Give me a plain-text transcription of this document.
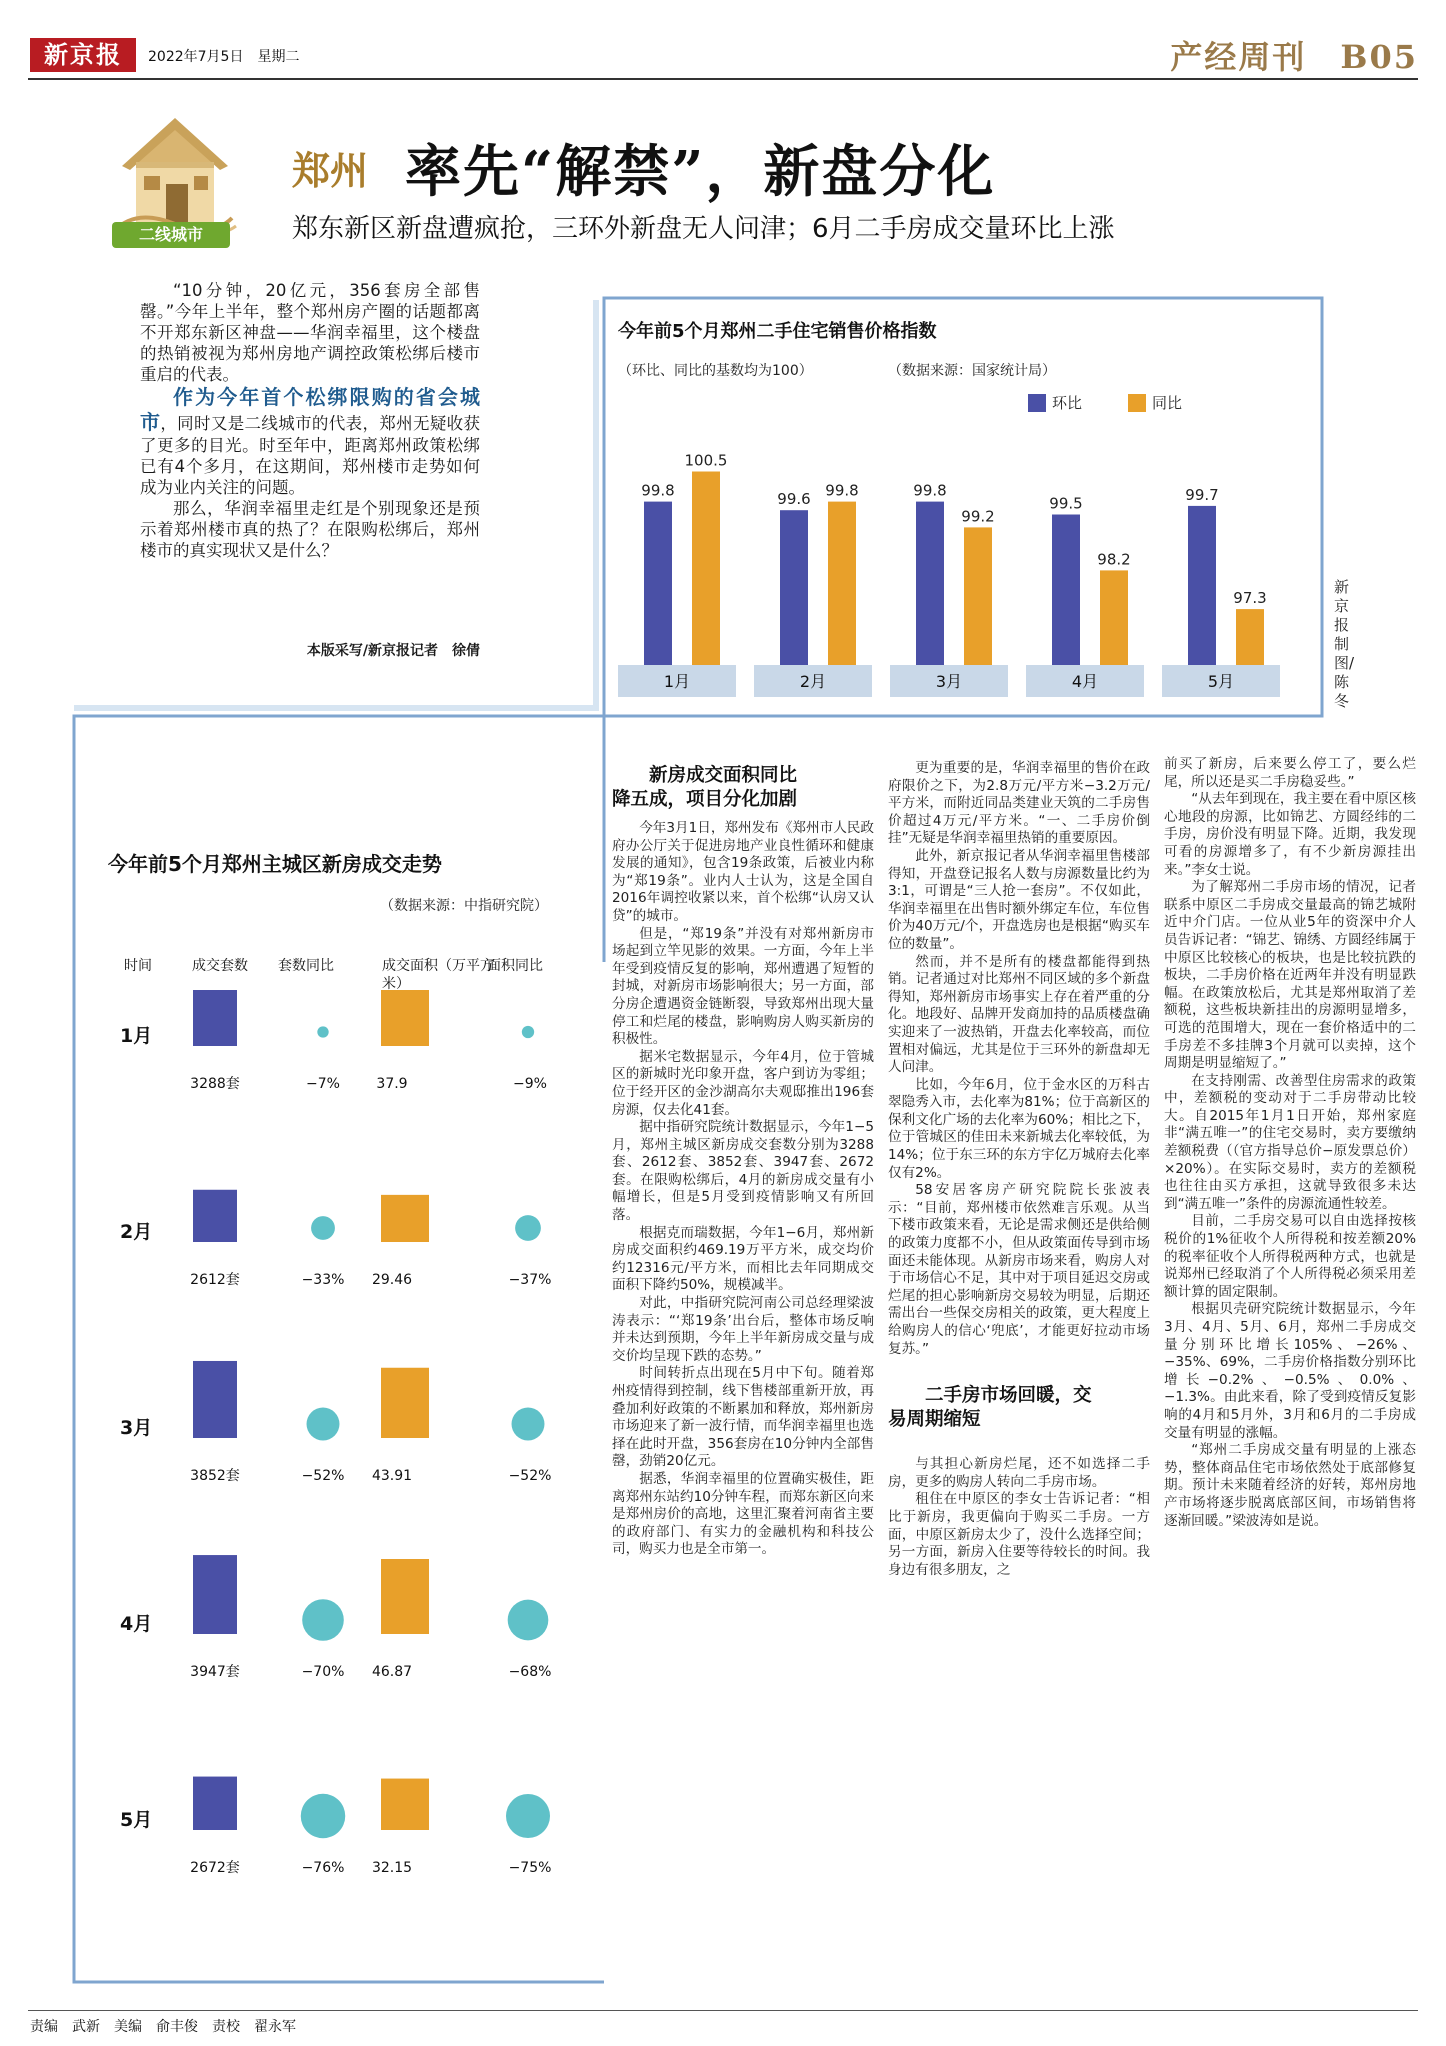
新京报	2022年7月5日　星期二	产经周刊　B05
二线城市
郑州 率先“解禁”，新盘分化
郑东新区新盘遭疯抢，三环外新盘无人问津；6月二手房成交量环比上涨

“10分钟，20亿元，356套房全部售罄。”今年上半年，整个郑州房产圈的话题都离不开郑东新区神盘——华润幸福里，这个楼盘的热销被视为郑州房地产调控政策松绑后楼市重启的代表。

作为今年首个松绑限购的省会城市，同时又是二线城市的代表，郑州无疑收获了更多的目光。时至年中，距离郑州政策松绑已有4个多月，在这期间，郑州楼市走势如何成为业内关注的问题。

那么，华润幸福里走红是个别现象还是预示着郑州楼市真的热了？在限购松绑后，郑州楼市的真实现状又是什么？

本版采写/新京报记者　徐倩
今年前5个月郑州二手住宅销售价格指数
（环比、同比的基数均为100）	（数据来源：国家统计局）
环比	同比
99.8
100.5
1月
99.6 99.8
2月
99.8
99.2
3月
99.5
98.2
4月
99.7
97.3
5月
新京报制图/陈冬
今年前5个月郑州主城区新房成交走势
（数据来源：中指研究院）
时间	成交套数 套数同比	成交面积（万平方米）
面积同比
1月
3288套	−7%	37.9	−9%
2月
2612套	−33% 29.46	−37%
3月
3852套	−52% 43.91	−52%
4月
3947套	−70% 46.87	−68%
5月
2672套	−76% 32.15	−75%
新房成交面积同比
降五成，项目分化加剧

今年3月1日，郑州发布《郑州市人民政府办公厅关于促进房地产业良性循环和健康发展的通知》，包含19条政策，后被业内称为“郑19条”。业内人士认为，这是全国自2016年调控收紧以来，首个松绑“认房又认贷”的城市。

但是，“郑19条”并没有对郑州新房市场起到立竿见影的效果。一方面，今年上半年受到疫情反复的影响，郑州遭遇了短暂的封城，对新房市场影响很大；另一方面，部分房企遭遇资金链断裂，导致郑州出现大量停工和烂尾的楼盘，影响购房人购买新房的积极性。

据米宅数据显示，今年4月，位于管城区的新城时光印象开盘，客户到访为零组；位于经开区的金沙湖高尔夫观邸推出196套房源，仅去化41套。

据中指研究院统计数据显示，今年1−5月，郑州主城区新房成交套数分别为3288套、2612套、3852套、3947套、2672套。在限购松绑后，4月的新房成交量有小幅增长，但是5月受到疫情影响又有所回落。

根据克而瑞数据，今年1−6月，郑州新房成交面积约469.19万平方米，成交均价约12316元/平方米，而相比去年同期成交面积下降约50%，规模减半。

对此，中指研究院河南公司总经理梁波涛表示：“‘郑19条’出台后，整体市场反响并未达到预期，今年上半年新房成交量与成交价均呈现下跌的态势。”

时间转折点出现在5月中下旬。随着郑州疫情得到控制，线下售楼部重新开放，再叠加利好政策的不断累加和释放，郑州新房市场迎来了新一波行情，而华润幸福里也选择在此时开盘，356套房在10分钟内全部售罄，劲销20亿元。

据悉，华润幸福里的位置确实极佳，距离郑州东站约10分钟车程，而郑东新区向来是郑州房价的高地，这里汇聚着河南省主要的政府部门、有实力的金融机构和科技公司，购买力也是全市第一。

更为重要的是，华润幸福里的售价在政府限价之下，为2.8万元/平方米−3.2万元/平方米，而附近同品类建业天筑的二手房售价超过4万元/平方米。“一、二手房价倒挂”无疑是华润幸福里热销的重要原因。

此外，新京报记者从华润幸福里售楼部得知，开盘登记报名人数与房源数量比约为3:1，可谓是“三人抢一套房”。不仅如此，华润幸福里在出售时额外绑定车位，车位售价为40万元/个，开盘选房也是根据“购买车位的数量”。

然而，并不是所有的楼盘都能得到热销。记者通过对比郑州不同区域的多个新盘得知，郑州新房市场事实上存在着严重的分化。地段好、品牌开发商加持的品质楼盘确实迎来了一波热销，开盘去化率较高，而位置相对偏远，尤其是位于三环外的新盘却无人问津。

比如，今年6月，位于金水区的万科古翠隐秀入市，去化率为81%；位于高新区的保利文化广场的去化率为60%；相比之下，位于管城区的佳田未来新城去化率较低，为14%；位于东三环的东方宇亿万城府去化率仅有2%。

58安居客房产研究院院长张波表示：“目前，郑州楼市依然难言乐观。从当下楼市政策来看，无论是需求侧还是供给侧的政策力度都不小，但从政策面传导到市场面还未能体现。从新房市场来看，购房人对于市场信心不足，其中对于项目延迟交房或烂尾的担心影响新房交易较为明显，后期还需出台一些保交房相关的政策，更大程度上给购房人的信心‘兜底’，才能更好拉动市场复苏。”

二手房市场回暖，交
易周期缩短

与其担心新房烂尾，还不如选择二手房，更多的购房人转向二手房市场。

租住在中原区的李女士告诉记者：“相比于新房，我更偏向于购买二手房。一方面，中原区新房太少了，没什么选择空间；另一方面，新房入住要等待较长的时间。我身边有很多朋友，之

前买了新房，后来要么停工了，要么烂尾，所以还是买二手房稳妥些。”

“从去年到现在，我主要在看中原区核心地段的房源，比如锦艺、方圆经纬的二手房，房价没有明显下降。近期，我发现可看的房源增多了，有不少新房源挂出来。”李女士说。

为了解郑州二手房市场的情况，记者联系中原区二手房成交量最高的锦艺城附近中介门店。一位从业5年的资深中介人员告诉记者：“锦艺、锦绣、方圆经纬属于中原区比较核心的板块，也是比较抗跌的板块，二手房价格在近两年并没有明显跌幅。在政策放松后，尤其是郑州取消了差额税，这些板块新挂出的房源明显增多，可选的范围增大，现在一套价格适中的二手房差不多挂牌3个月就可以卖掉，这个周期是明显缩短了。”

在支持刚需、改善型住房需求的政策中，差额税的变动对于二手房带动比较大。自2015年1月1日开始，郑州家庭非“满五唯一”的住宅交易时，卖方要缴纳差额税费（（官方指导总价−原发票总价）×20%）。在实际交易时，卖方的差额税也往往由买方承担，这就导致很多未达到“满五唯一”条件的房源流通性较差。

目前，二手房交易可以自由选择按核税价的1%征收个人所得税和按差额20%的税率征收个人所得税两种方式，也就是说郑州已经取消了个人所得税必须采用差额计算的固定限制。

根据贝壳研究院统计数据显示，今年3月、4月、5月、6月，郑州二手房成交量分别环比增长105%、−26%、−35%、69%，二手房价格指数分别环比增长−0.2%、−0.5%、0.0%、−1.3%。由此来看，除了受到疫情反复影响的4月和5月外，3月和6月的二手房成交量有明显的涨幅。

“郑州二手房成交量有明显的上涨态势，整体商品住宅市场依然处于底部修复期。预计未来随着经济的好转，郑州房地产市场将逐步脱离底部区间，市场销售将逐渐回暖。”梁波涛如是说。

责编　武新　美编　俞丰俊　责校　翟永军
